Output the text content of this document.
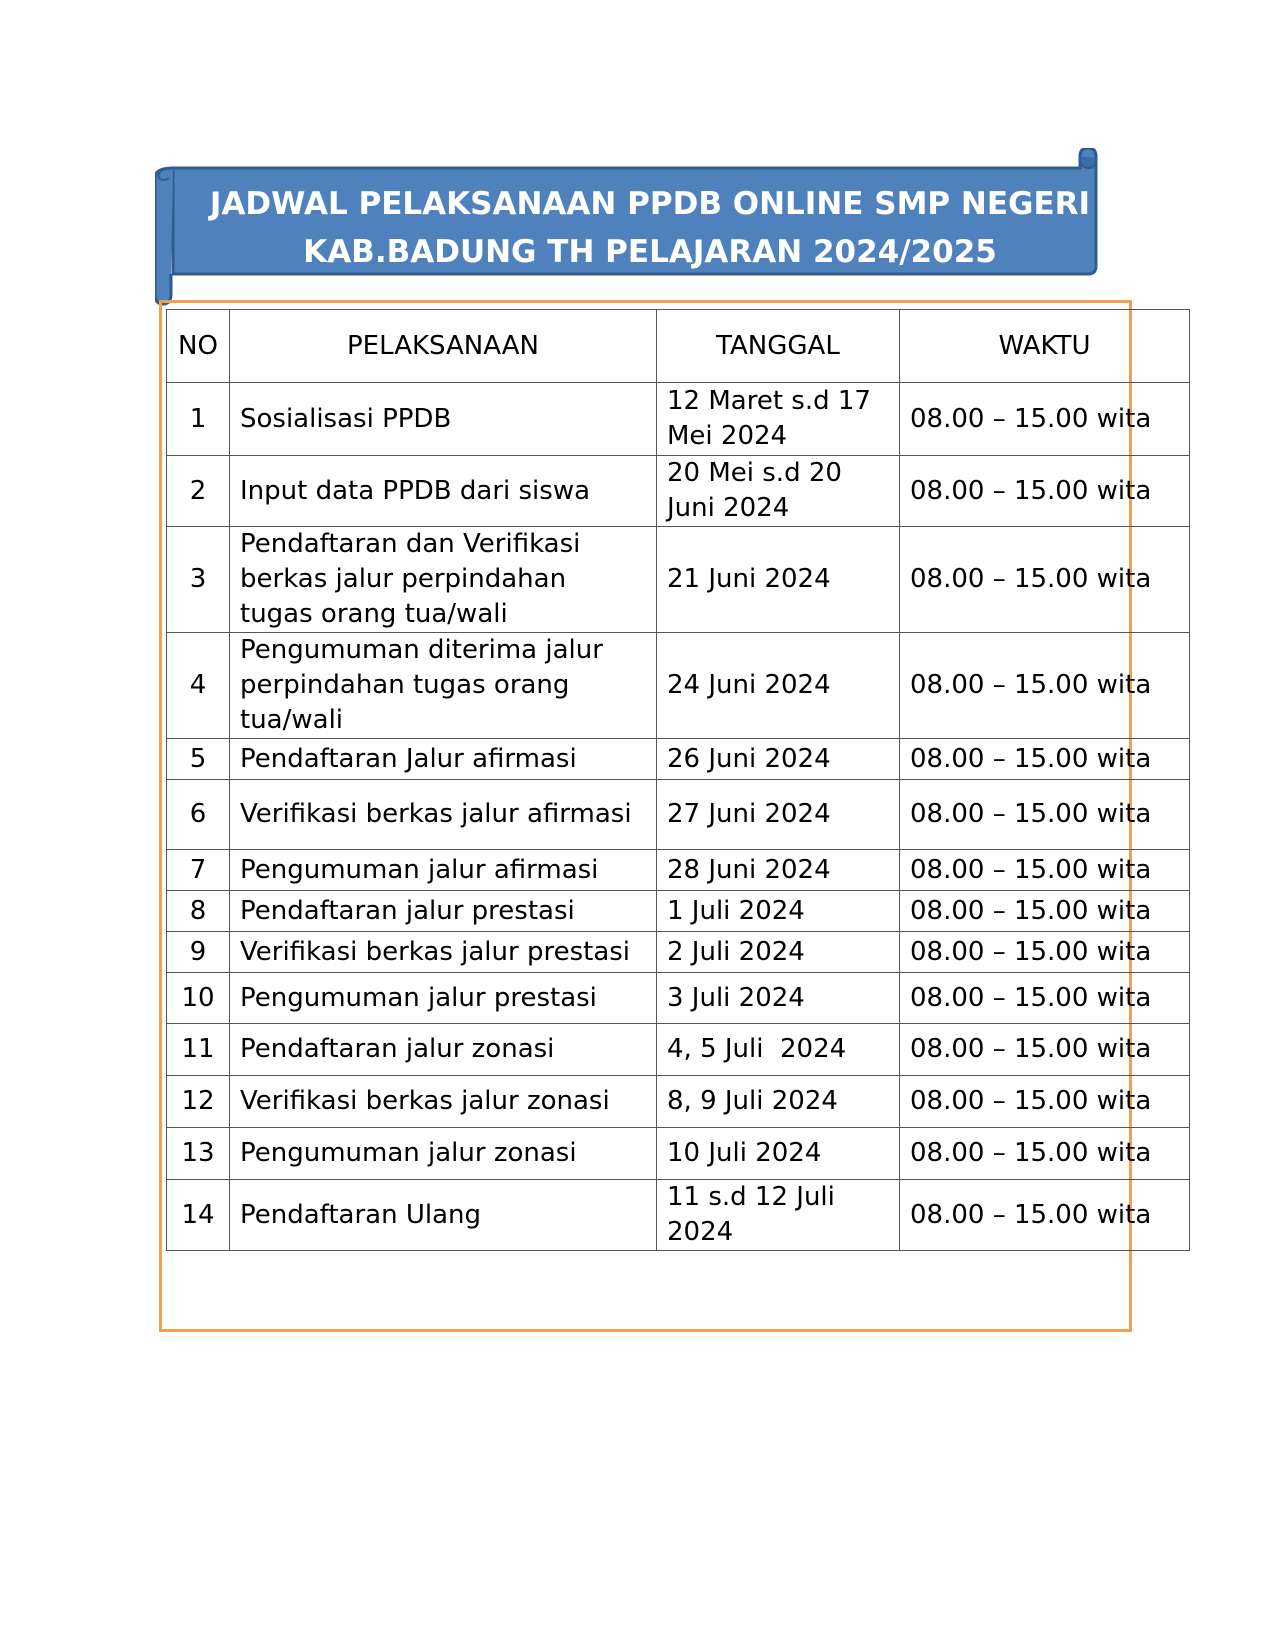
JADWAL PELAKSANAAN PPDB ONLINE SMP NEGERI
KAB.BADUNG TH PELAJARAN 2024/2025
NO	PELAKSANAAN	TANGGAL	WAKTU
1	Sosialisasi PPDB	12 Maret s.d 17 Mei 2024	08.00 – 15.00 wita
2	Input data PPDB dari siswa	20 Mei s.d 20 Juni 2024	08.00 – 15.00 wita
3	Pendaftaran dan Verifikasi berkas jalur perpindahan tugas orang tua/wali	21 Juni 2024	08.00 – 15.00 wita
4	Pengumuman diterima jalur perpindahan tugas orang tua/wali	24 Juni 2024	08.00 – 15.00 wita
5	Pendaftaran Jalur afirmasi	26 Juni 2024	08.00 – 15.00 wita
6	Verifikasi berkas jalur afirmasi	27 Juni 2024	08.00 – 15.00 wita
7	Pengumuman jalur afirmasi	28 Juni 2024	08.00 – 15.00 wita
8	Pendaftaran jalur prestasi	1 Juli 2024	08.00 – 15.00 wita
9	Verifikasi berkas jalur prestasi	2 Juli 2024	08.00 – 15.00 wita
10	Pengumuman jalur prestasi	3 Juli 2024	08.00 – 15.00 wita
11	Pendaftaran jalur zonasi	4, 5 Juli  2024	08.00 – 15.00 wita
12	Verifikasi berkas jalur zonasi	8, 9 Juli 2024	08.00 – 15.00 wita
13	Pengumuman jalur zonasi	10 Juli 2024	08.00 – 15.00 wita
14	Pendaftaran Ulang	11 s.d 12 Juli 2024	08.00 – 15.00 wita
